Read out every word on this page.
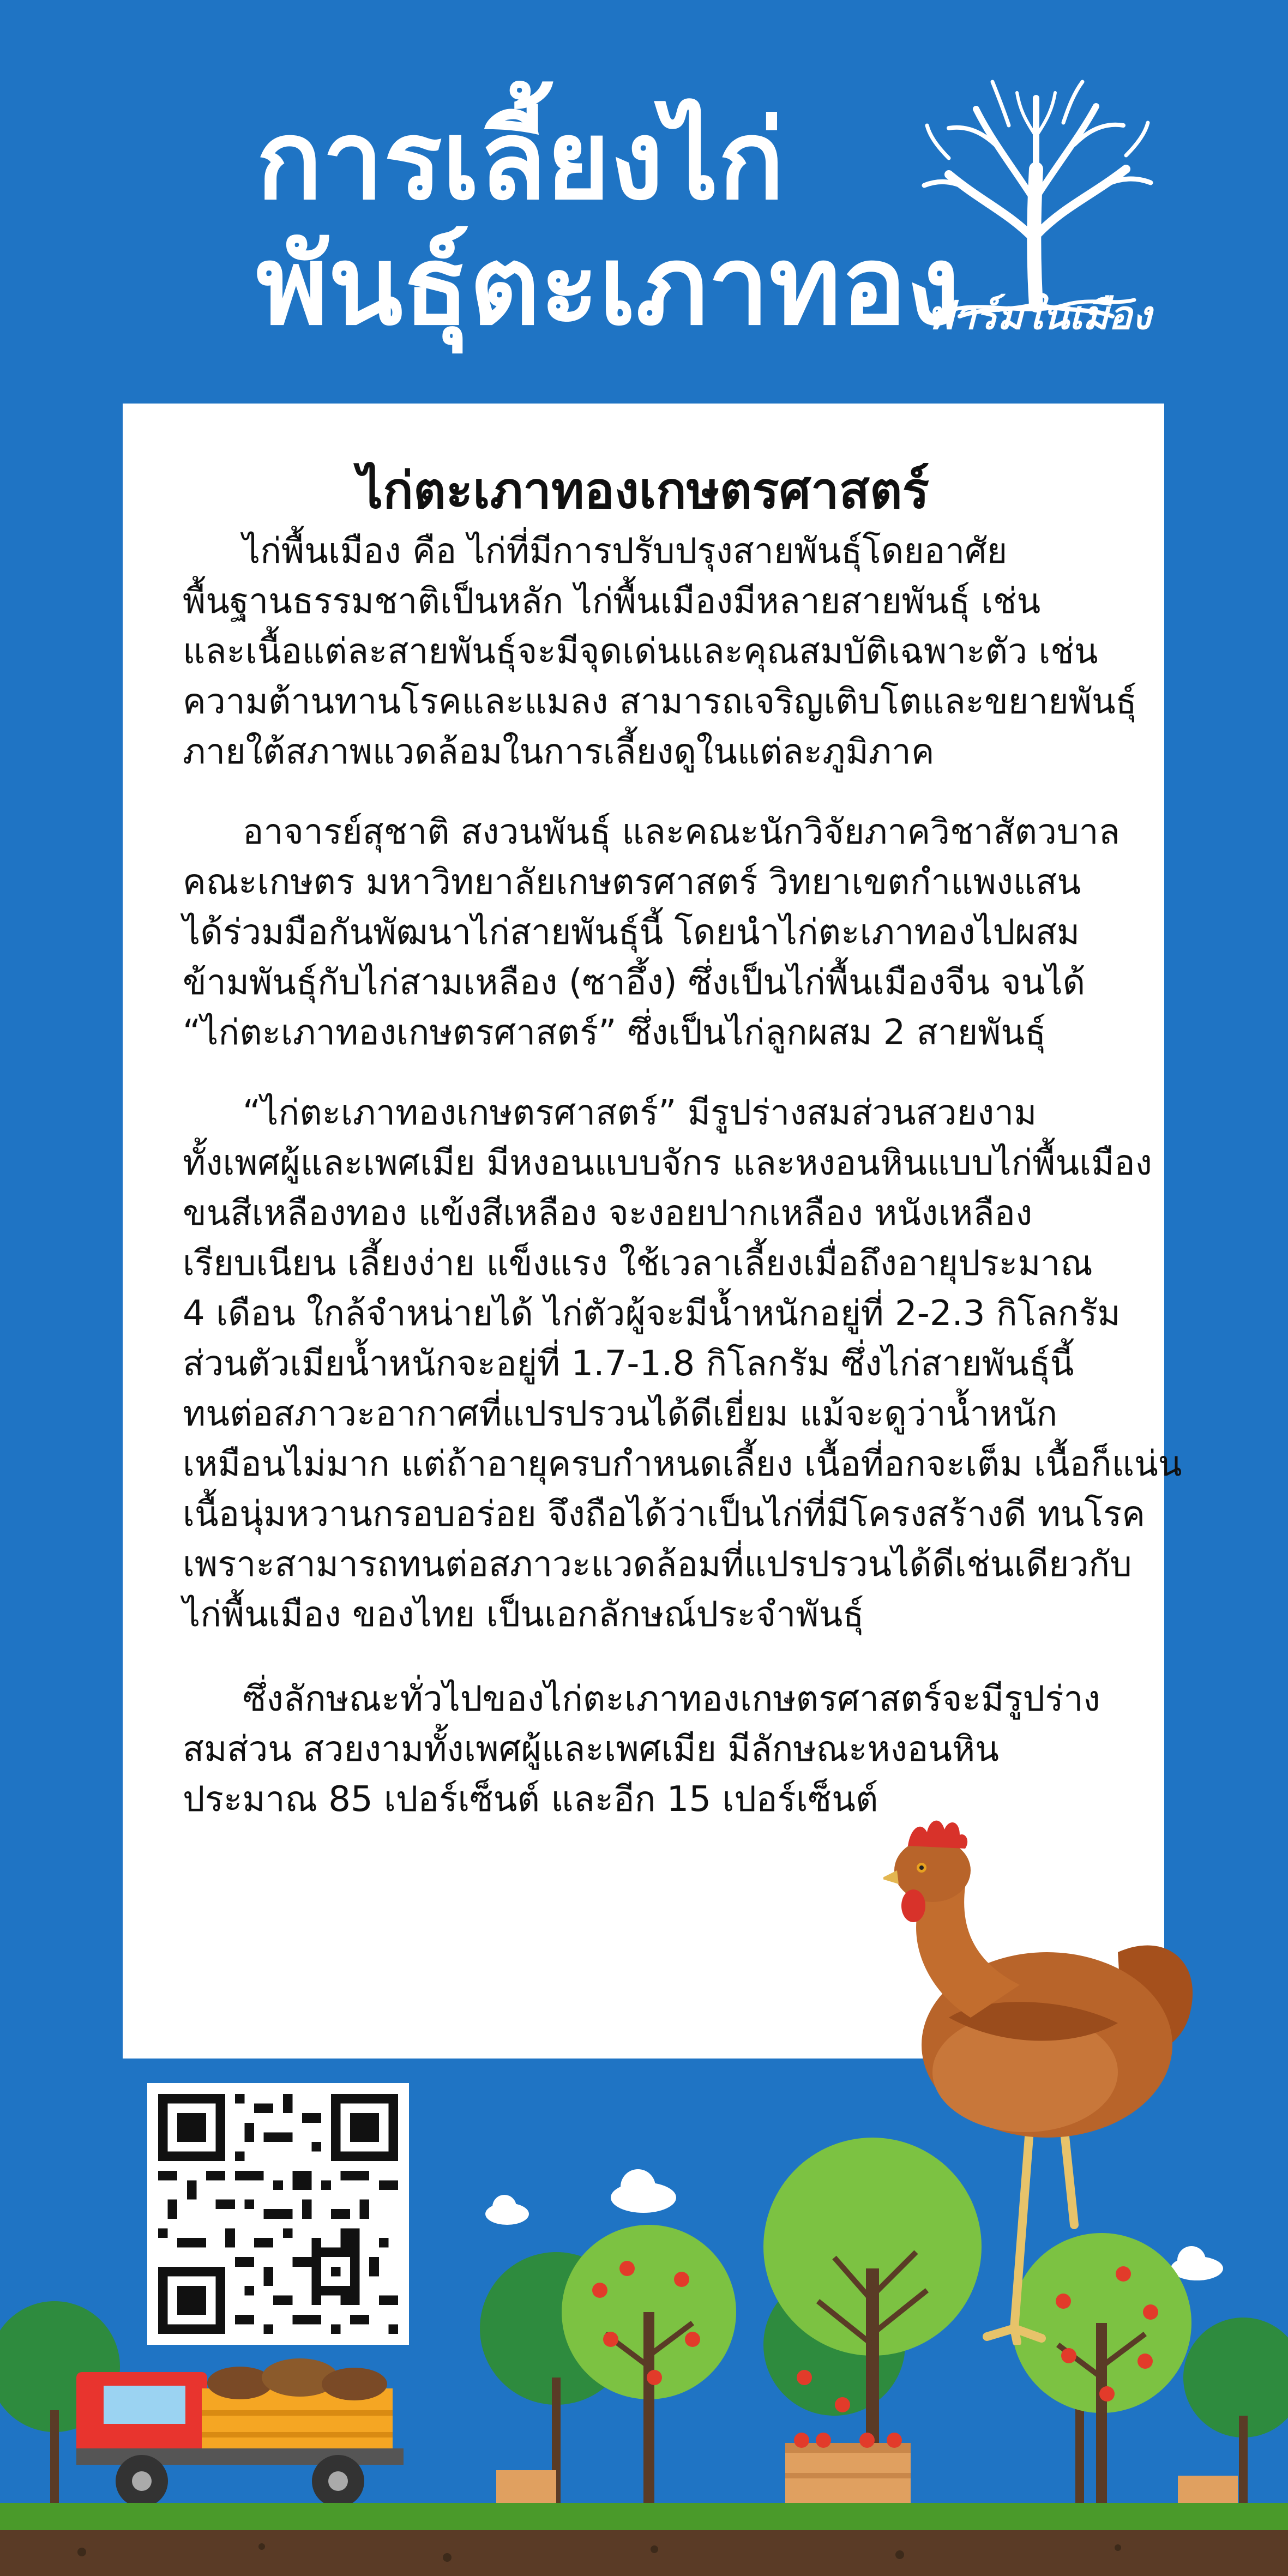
การเลี้ยงไก่
พันธุ์ตะเภาทอง
ฟาร์มในเมือง
ไก่ตะเภาทองเกษตรศาสตร์
ไก่พื้นเมือง คือ ไก่ที่มีการปรับปรุงสายพันธุ์โดยอาศัย
พื้นฐานธรรมชาติเป็นหลัก ไก่พื้นเมืองมีหลายสายพันธุ์ เช่น
และเนื้อแต่ละสายพันธุ์จะมีจุดเด่นและคุณสมบัติเฉพาะตัว เช่น
ความต้านทานโรคและแมลง สามารถเจริญเติบโตและขยายพันธุ์
ภายใต้สภาพแวดล้อมในการเลี้ยงดูในแต่ละภูมิภาค
อาจารย์สุชาติ สงวนพันธุ์ และคณะนักวิจัยภาควิชาสัตวบาล
คณะเกษตร มหาวิทยาลัยเกษตรศาสตร์ วิทยาเขตกำแพงแสน
ได้ร่วมมือกันพัฒนาไก่สายพันธุ์นี้ โดยนำไก่ตะเภาทองไปผสม
ข้ามพันธุ์กับไก่สามเหลือง (ซาอึ้ง) ซึ่งเป็นไก่พื้นเมืองจีน จนได้
“ไก่ตะเภาทองเกษตรศาสตร์” ซึ่งเป็นไก่ลูกผสม 2 สายพันธุ์
“ไก่ตะเภาทองเกษตรศาสตร์” มีรูปร่างสมส่วนสวยงาม
ทั้งเพศผู้และเพศเมีย มีหงอนแบบจักร และหงอนหินแบบไก่พื้นเมือง
ขนสีเหลืองทอง แข้งสีเหลือง จะงอยปากเหลือง หนังเหลือง
เรียบเนียน เลี้ยงง่าย แข็งแรง ใช้เวลาเลี้ยงเมื่อถึงอายุประมาณ
4 เดือน ใกล้จำหน่ายได้ ไก่ตัวผู้จะมีน้ำหนักอยู่ที่ 2-2.3 กิโลกรัม
ส่วนตัวเมียน้ำหนักจะอยู่ที่ 1.7-1.8 กิโลกรัม ซึ่งไก่สายพันธุ์นี้
ทนต่อสภาวะอากาศที่แปรปรวนได้ดีเยี่ยม แม้จะดูว่าน้ำหนัก
เหมือนไม่มาก แต่ถ้าอายุครบกำหนดเลี้ยง เนื้อที่อกจะเต็ม เนื้อก็แน่น
เนื้อนุ่มหวานกรอบอร่อย จึงถือได้ว่าเป็นไก่ที่มีโครงสร้างดี ทนโรค
เพราะสามารถทนต่อสภาวะแวดล้อมที่แปรปรวนได้ดีเช่นเดียวกับ
ไก่พื้นเมือง ของไทย เป็นเอกลักษณ์ประจำพันธุ์
ซึ่งลักษณะทั่วไปของไก่ตะเภาทองเกษตรศาสตร์จะมีรูปร่าง
สมส่วน สวยงามทั้งเพศผู้และเพศเมีย มีลักษณะหงอนหิน
ประมาณ 85 เปอร์เซ็นต์ และอีก 15 เปอร์เซ็นต์
